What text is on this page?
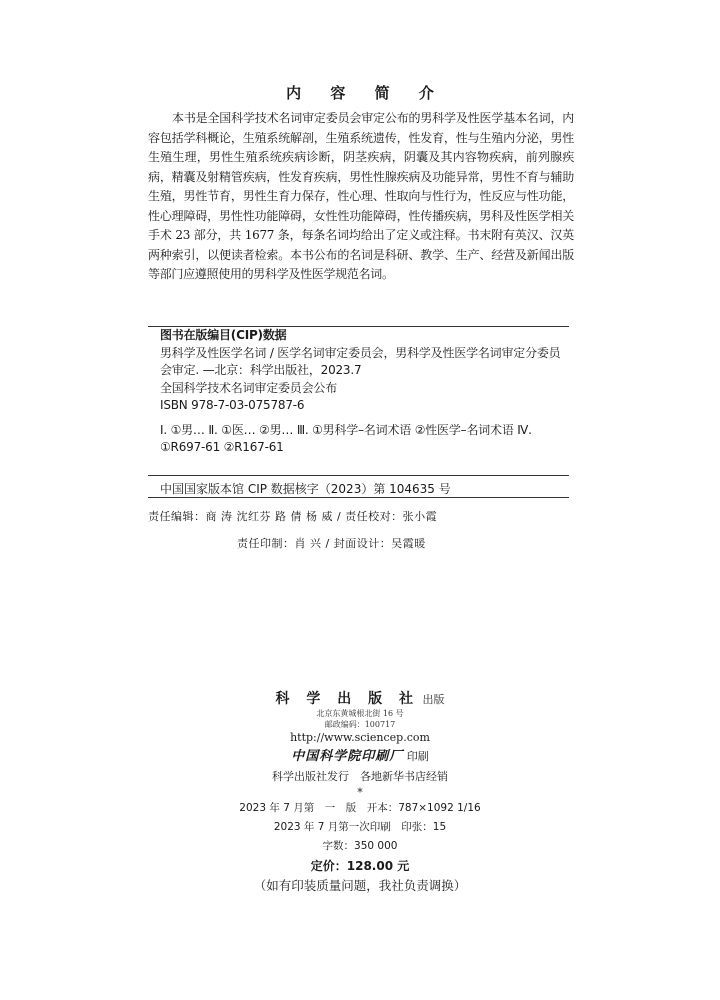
内 容 简 介

本书是全国科学技术名词审定委员会审定公布的男科学及性医学基本名词，内容包括学科概论，生殖系统解剖，生殖系统遗传，性发育，性与生殖内分泌，男性生殖生理，男性生殖系统疾病诊断，阴茎疾病，阴囊及其内容物疾病，前列腺疾病，精囊及射精管疾病，性发育疾病，男性性腺疾病及功能异常，男性不育与辅助生殖，男性节育，男性生育力保存，性心理、性取向与性行为，性反应与性功能，性心理障碍，男性性功能障碍，女性性功能障碍，性传播疾病，男科及性医学相关手术 23 部分，共 1677 条，每条名词均给出了定义或注释。书末附有英汉、汉英两种索引，以便读者检索。本书公布的名词是科研、教学、生产、经营及新闻出版等部门应遵照使用的男科学及性医学规范名词。

图书在版编目(CIP)数据
男科学及性医学名词 / 医学名词审定委员会，男科学及性医学名词审定分委员会审定. —北京：科学出版社，2023.7
全国科学技术名词审定委员会公布
ISBN 978-7-03-075787-6
Ⅰ. ①男… Ⅱ. ①医… ②男… Ⅲ. ①男科学–名词术语 ②性医学–名词术语 Ⅳ. ①R697-61 ②R167-61
中国国家版本馆 CIP 数据核字（2023）第 104635 号
责任编辑：商 涛 沈红芬 路 倩 杨 威 / 责任校对：张小霞
责任印制：肖 兴 / 封面设计：吴霞暖
科 学 出 版 社 出版
北京东黄城根北街 16 号
邮政编码：100717
http://www.sciencep.com
中国科学院印刷厂 印刷
科学出版社发行　各地新华书店经销
*
2023 年 7 月第　一　版　开本：787×1092 1/16
2023 年 7 月第一次印刷　印张：15
字数：350 000
定价：128.00 元
（如有印装质量问题，我社负责调换）
